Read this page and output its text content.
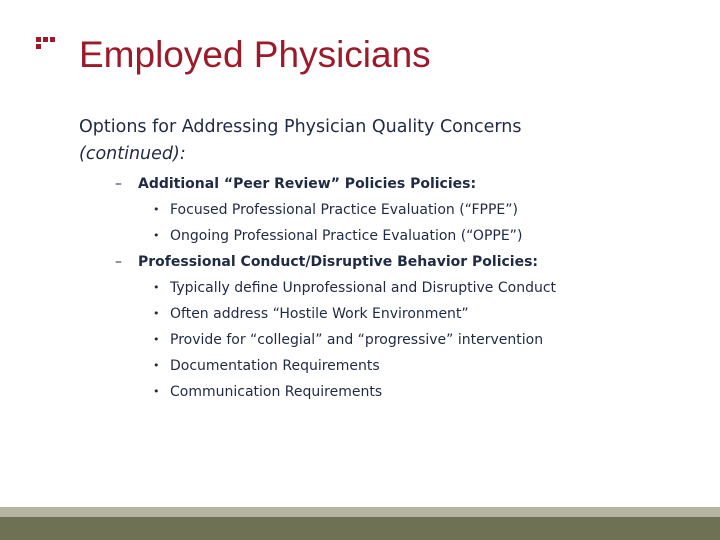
Employed Physicians
Options for Addressing Physician Quality Concerns
(continued):
– Additional “Peer Review” Policies Policies:
• Focused Professional Practice Evaluation (“FPPE”)
• Ongoing Professional Practice Evaluation (“OPPE”)
– Professional Conduct/Disruptive Behavior Policies:
• Typically define Unprofessional and Disruptive Conduct
• Often address “Hostile Work Environment”
• Provide for “collegial” and “progressive” intervention
• Documentation Requirements
• Communication Requirements
